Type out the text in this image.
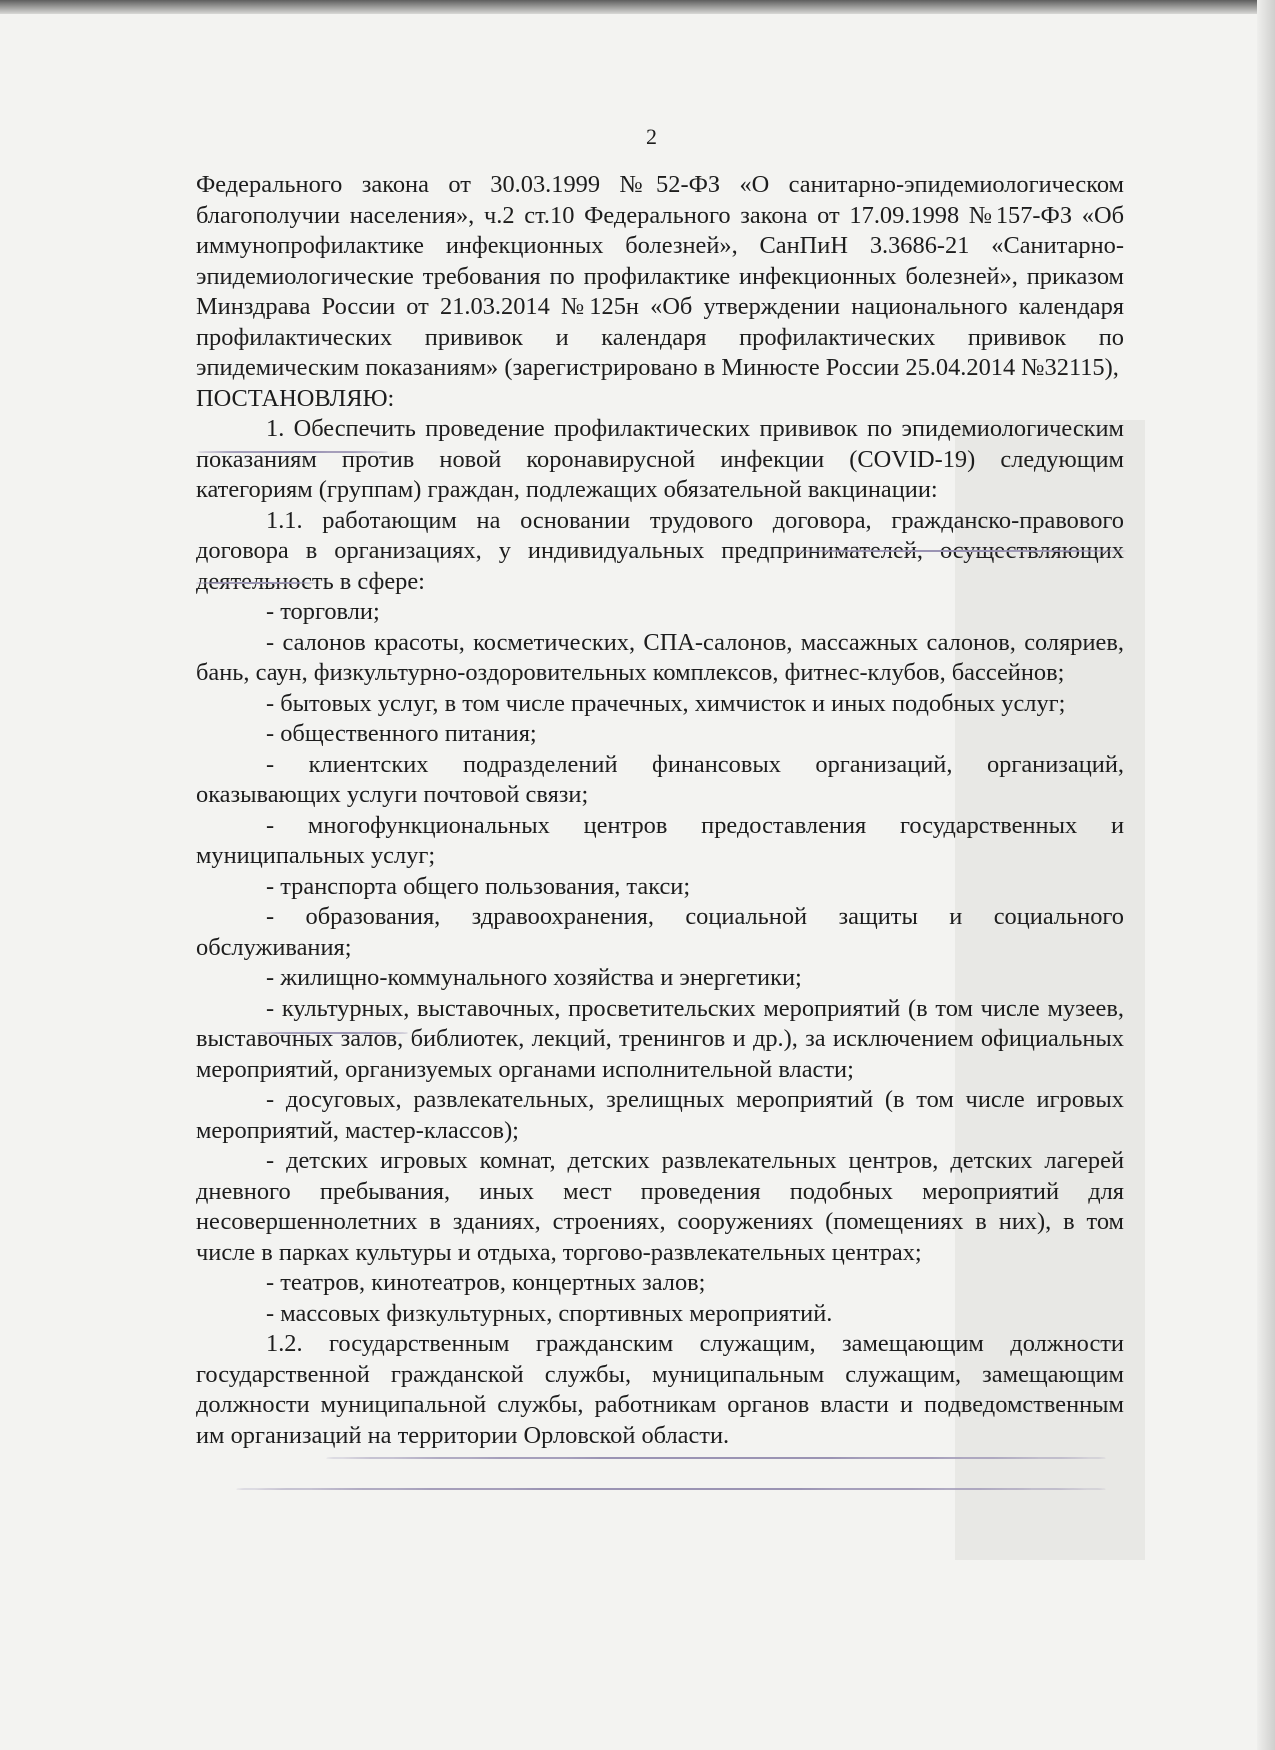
2

Федерального закона от 30.03.1999 №52-ФЗ «О санитарно-эпидемиологическом благополучии населения», ч.2 ст.10 Федерального закона от 17.09.1998 №157-ФЗ «Об иммунопрофилактике инфекционных болезней», СанПиН 3.3686-21 «Санитарно-эпидемиологические требования по профилактике инфекционных болезней», приказом Минздрава России от 21.03.2014 №125н «Об утверждении национального календаря профилактических прививок и календаря профилактических прививок по эпидемическим показаниям» (зарегистрировано в Минюсте России 25.04.2014 №32115),

ПОСТАНОВЛЯЮ:

1. Обеспечить проведение профилактических прививок по эпидемиологическим показаниям против новой коронавирусной инфекции (COVID-19) следующим категориям (группам) граждан, подлежащих обязательной вакцинации:

1.1. работающим на основании трудового договора, гражданско-правового договора в организациях, у индивидуальных предпринимателей, осуществляющих деятельность в сфере:

- торговли;

- салонов красоты, косметических, СПА-салонов, массажных салонов, соляриев, бань, саун, физкультурно-оздоровительных комплексов, фитнес-клубов, бассейнов;

- бытовых услуг, в том числе прачечных, химчисток и иных подобных услуг;

- общественного питания;

- клиентских подразделений финансовых организаций, организаций, оказывающих услуги почтовой связи;

- многофункциональных центров предоставления государственных и муниципальных услуг;

- транспорта общего пользования, такси;

- образования, здравоохранения, социальной защиты и социального обслуживания;

- жилищно-коммунального хозяйства и энергетики;

- культурных, выставочных, просветительских мероприятий (в том числе музеев, выставочных залов, библиотек, лекций, тренингов и др.), за исключением официальных мероприятий, организуемых органами исполнительной власти;

- досуговых, развлекательных, зрелищных мероприятий (в том числе игровых мероприятий, мастер-классов);

- детских игровых комнат, детских развлекательных центров, детских лагерей дневного пребывания, иных мест проведения подобных мероприятий для несовершеннолетних в зданиях, строениях, сооружениях (помещениях в них), в том числе в парках культуры и отдыха, торгово-развлекательных центрах;

- театров, кинотеатров, концертных залов;

- массовых физкультурных, спортивных мероприятий.

1.2. государственным гражданским служащим, замещающим должности государственной гражданской службы, муниципальным служащим, замещающим должности муниципальной службы, работникам органов власти и подведомственным им организаций на территории Орловской области.
